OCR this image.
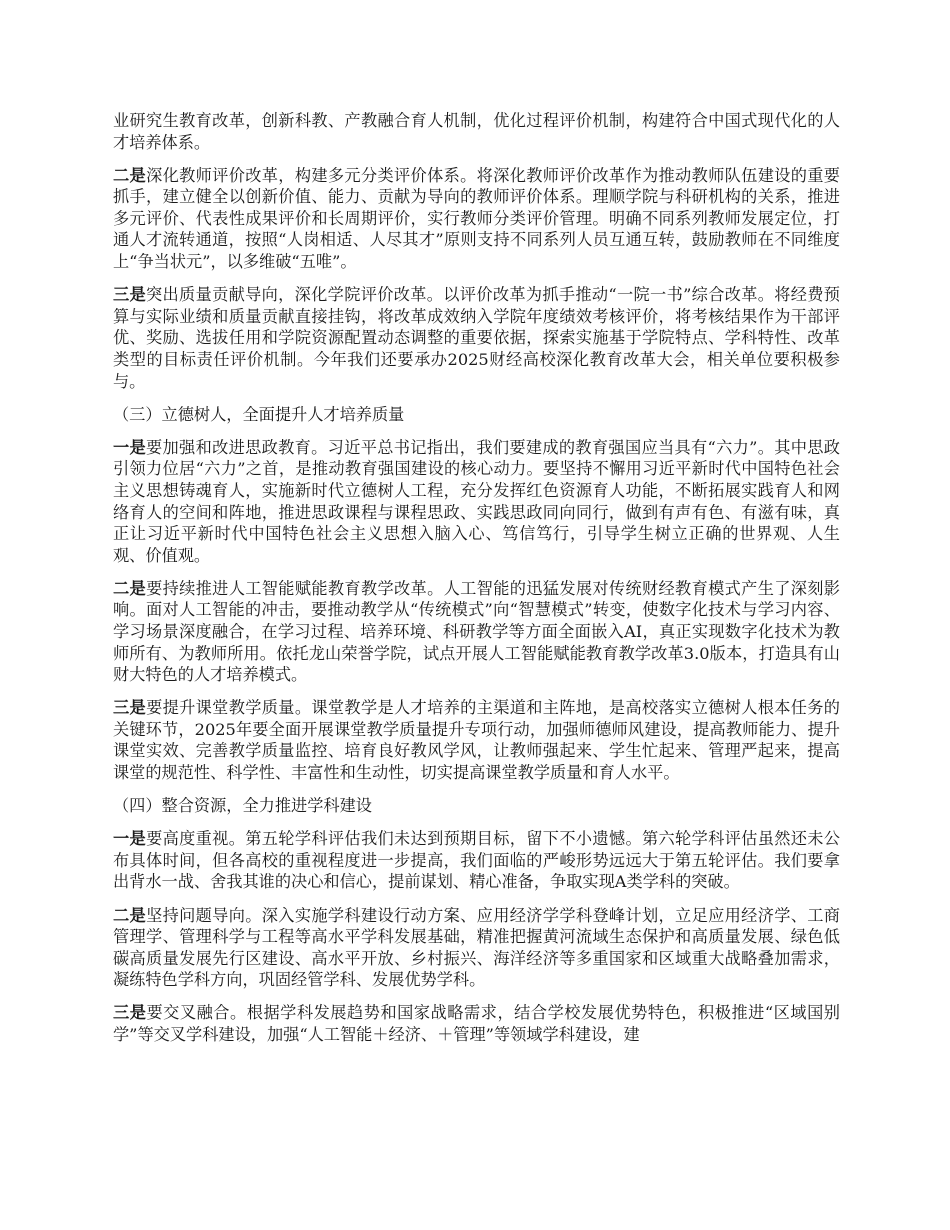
业研究生教育改革，创新科教、产教融合育人机制，优化过程评价机制，构建符合中国式现代化的人才培养体系。

二是深化教师评价改革，构建多元分类评价体系。将深化教师评价改革作为推动教师队伍建设的重要抓手，建立健全以创新价值、能力、贡献为导向的教师评价体系。理顺学院与科研机构的关系，推进多元评价、代表性成果评价和长周期评价，实行教师分类评价管理。明确不同系列教师发展定位，打通人才流转通道，按照“人岗相适、人尽其才”原则支持不同系列人员互通互转，鼓励教师在不同维度上“争当状元”，以多维破“五唯”。

三是突出质量贡献导向，深化学院评价改革。以评价改革为抓手推动“一院一书”综合改革。将经费预算与实际业绩和质量贡献直接挂钩，将改革成效纳入学院年度绩效考核评价，将考核结果作为干部评优、奖励、选拔任用和学院资源配置动态调整的重要依据，探索实施基于学院特点、学科特性、改革类型的目标责任评价机制。今年我们还要承办2025财经高校深化教育改革大会，相关单位要积极参与。

（三）立德树人，全面提升人才培养质量

一是要加强和改进思政教育。习近平总书记指出，我们要建成的教育强国应当具有“六力”。其中思政引领力位居“六力”之首，是推动教育强国建设的核心动力。要坚持不懈用习近平新时代中国特色社会主义思想铸魂育人，实施新时代立德树人工程，充分发挥红色资源育人功能，不断拓展实践育人和网络育人的空间和阵地，推进思政课程与课程思政、实践思政同向同行，做到有声有色、有滋有味，真正让习近平新时代中国特色社会主义思想入脑入心、笃信笃行，引导学生树立正确的世界观、人生观、价值观。

二是要持续推进人工智能赋能教育教学改革。人工智能的迅猛发展对传统财经教育模式产生了深刻影响。面对人工智能的冲击，要推动教学从“传统模式”向“智慧模式”转变，使数字化技术与学习内容、学习场景深度融合，在学习过程、培养环境、科研教学等方面全面嵌入AI，真正实现数字化技术为教师所有、为教师所用。依托龙山荣誉学院，试点开展人工智能赋能教育教学改革3.0版本，打造具有山财大特色的人才培养模式。

三是要提升课堂教学质量。课堂教学是人才培养的主渠道和主阵地，是高校落实立德树人根本任务的关键环节，2025年要全面开展课堂教学质量提升专项行动，加强师德师风建设，提高教师能力、提升课堂实效、完善教学质量监控、培育良好教风学风，让教师强起来、学生忙起来、管理严起来，提高课堂的规范性、科学性、丰富性和生动性，切实提高课堂教学质量和育人水平。

（四）整合资源，全力推进学科建设

一是要高度重视。第五轮学科评估我们未达到预期目标，留下不小遗憾。第六轮学科评估虽然还未公布具体时间，但各高校的重视程度进一步提高，我们面临的严峻形势远远大于第五轮评估。我们要拿出背水一战、舍我其谁的决心和信心，提前谋划、精心准备，争取实现A类学科的突破。

二是坚持问题导向。深入实施学科建设行动方案、应用经济学学科登峰计划，立足应用经济学、工商管理学、管理科学与工程等高水平学科发展基础，精准把握黄河流域生态保护和高质量发展、绿色低碳高质量发展先行区建设、高水平开放、乡村振兴、海洋经济等多重国家和区域重大战略叠加需求，凝练特色学科方向，巩固经管学科、发展优势学科。

三是要交叉融合。根据学科发展趋势和国家战略需求，结合学校发展优势特色，积极推进“区域国别学”等交叉学科建设，加强“人工智能＋经济、＋管理”等领域学科建设，建
